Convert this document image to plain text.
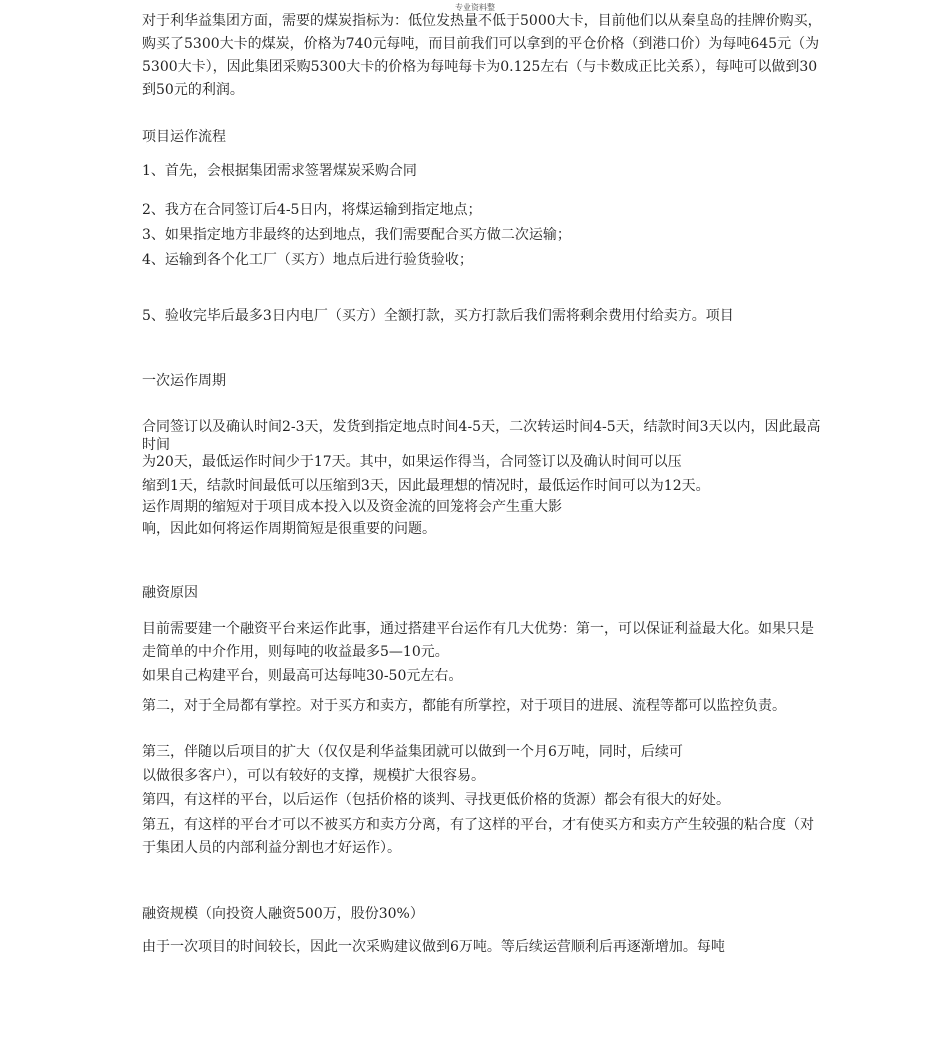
专业资料整

对于利华益集团方面，需要的煤炭指标为：低位发热量不低于5000大卡，目前他们以从秦皇岛的挂牌价购买，购买了5300大卡的煤炭，价格为740元每吨，而目前我们可以拿到的平仓价格（到港口价）为每吨645元（为5300大卡），因此集团采购5300大卡的价格为每吨每卡为0.125左右（与卡数成正比关系），每吨可以做到30到50元的利润。

项目运作流程

1、首先，会根据集团需求签署煤炭采购合同

2、我方在合同签订后4-5日内，将煤运输到指定地点；

3、如果指定地方非最终的达到地点，我们需要配合买方做二次运输；

4、运输到各个化工厂（买方）地点后进行验货验收；

5、验收完毕后最多3日内电厂（买方）全额打款，买方打款后我们需将剩余费用付给卖方。项目

一次运作周期

合同签订以及确认时间2-3天，发货到指定地点时间4-5天，二次转运时间4-5天，结款时间3天以内，因此最高时间

为20天，最低运作时间少于17天。其中，如果运作得当，合同签订以及确认时间可以压

缩到1天，结款时间最低可以压缩到3天，因此最理想的情况时，最低运作时间可以为12天。

运作周期的缩短对于项目成本投入以及资金流的回笼将会产生重大影

响，因此如何将运作周期简短是很重要的问题。

融资原因

目前需要建一个融资平台来运作此事，通过搭建平台运作有几大优势：第一，可以保证利益最大化。如果只是走简单的中介作用，则每吨的收益最多5—10元。

如果自己构建平台，则最高可达每吨30-50元左右。

第二，对于全局都有掌控。对于买方和卖方，都能有所掌控，对于项目的进展、流程等都可以监控负责。

第三，伴随以后项目的扩大（仅仅是利华益集团就可以做到一个月6万吨，同时，后续可

以做很多客户），可以有较好的支撑，规模扩大很容易。

第四，有这样的平台，以后运作（包括价格的谈判、寻找更低价格的货源）都会有很大的好处。

第五，有这样的平台才可以不被买方和卖方分离，有了这样的平台，才有使买方和卖方产生较强的粘合度（对于集团人员的内部利益分割也才好运作）。

融资规模（向投资人融资500万，股份30%）

由于一次项目的时间较长，因此一次采购建议做到6万吨。等后续运营顺利后再逐渐增加。每吨
